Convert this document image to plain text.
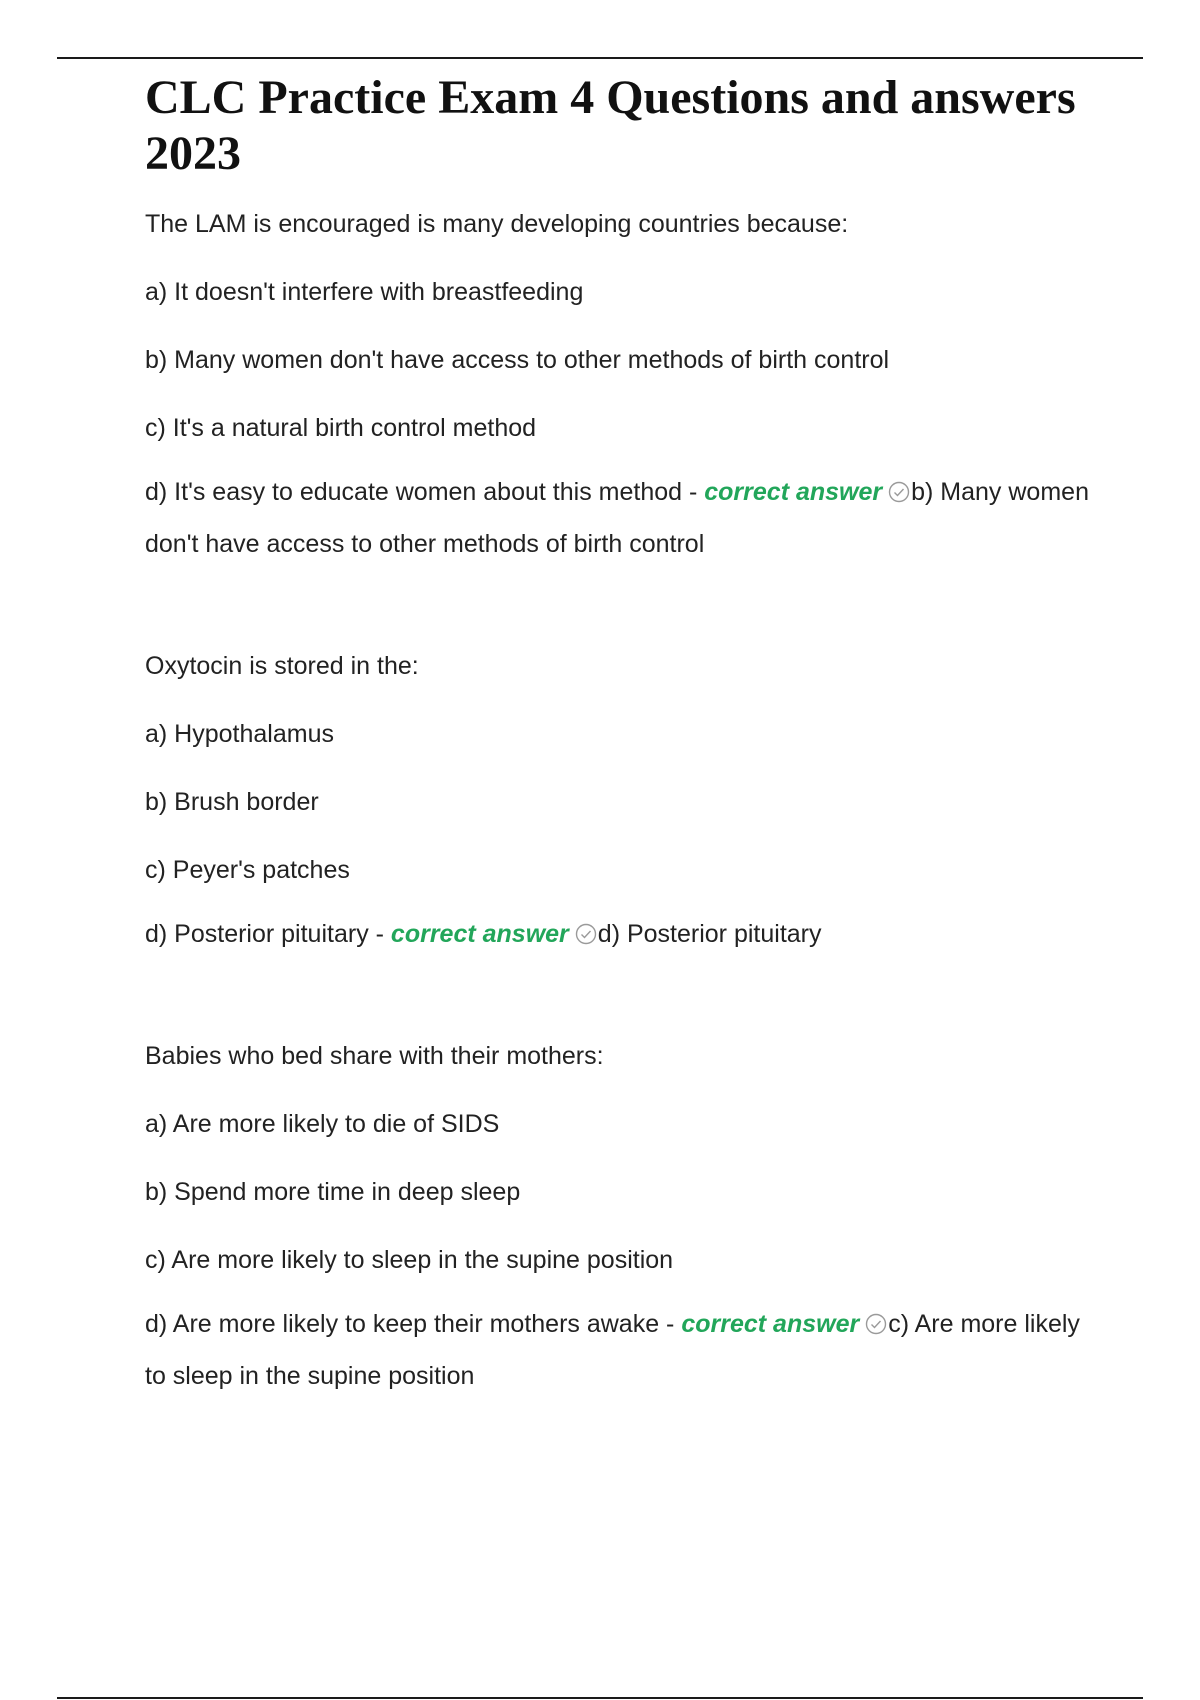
CLC Practice Exam 4 Questions and answers 2023

The LAM is encouraged is many developing countries because:

a) It doesn't interfere with breastfeeding

b) Many women don't have access to other methods of birth control

c) It's a natural birth control method

d) It's easy to educate women about this method - correct answer b) Many women don't have access to other methods of birth control

Oxytocin is stored in the:

a) Hypothalamus

b) Brush border

c) Peyer's patches

d) Posterior pituitary - correct answer d) Posterior pituitary

Babies who bed share with their mothers:

a) Are more likely to die of SIDS

b) Spend more time in deep sleep

c) Are more likely to sleep in the supine position

d) Are more likely to keep their mothers awake - correct answer c) Are more likely to sleep in the supine position
